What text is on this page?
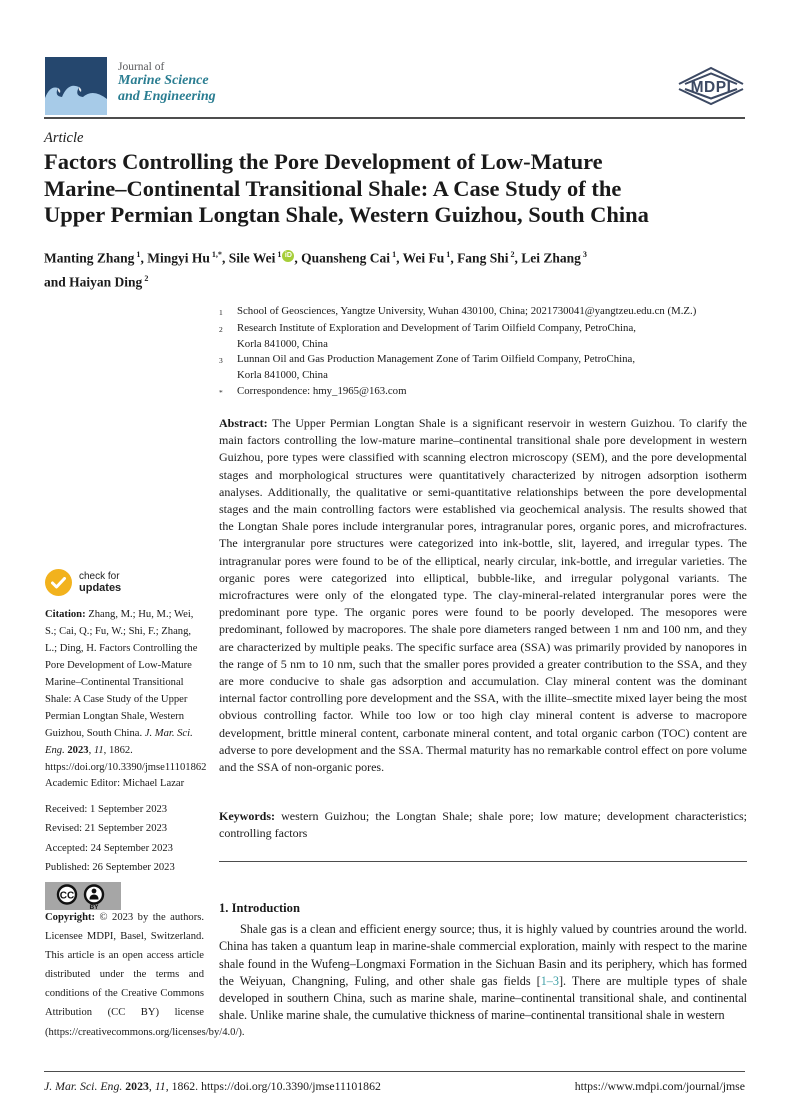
Journal of
Marine Science
and Engineering	MDPI
Article
Factors Controlling the Pore Development of Low-Mature
Marine–Continental Transitional Shale: A Case Study of the
Upper Permian Longtan Shale, Western Guizhou, South China
Manting Zhang $^1$, Mingyi Hu $^{1,*}$, Sile Wei $^1$ iD , Quansheng Cai $^1$, Wei Fu $^1$, Fang Shi $^2$, Lei Zhang $^3$
and Haiyan Ding $^2$
1	School of Geosciences, Yangtze University, Wuhan 430100, China; 2021730041@yangtzeu.edu.cn (M.Z.)
2	Research Institute of Exploration and Development of Tarim Oilfield Company, PetroChina,
Korla 841000, China
3	Lunnan Oil and Gas Production Management Zone of Tarim Oilfield Company, PetroChina,
Korla 841000, China
*	Correspondence: hmy_1965@163.com
Abstract: The Upper Permian Longtan Shale is a significant reservoir in western Guizhou. To clarify the main factors controlling the low-mature marine–continental transitional shale pore development in western Guizhou, pore types were classified with scanning electron microscopy (SEM), and the pore developmental stages and morphological structures were quantitatively characterized by nitrogen adsorption isotherm analyses. Additionally, the qualitative or semi-quantitative relationships between the pore developmental stages and the main controlling factors were established via geochemical analysis. The results showed that the Longtan Shale pores include intergranular pores, intragranular pores, organic pores, and microfractures. The intergranular pore structures were categorized into ink-bottle, slit, layered, and irregular types. The intragranular pores were found to be of the elliptical, nearly circular, ink-bottle, and irregular varieties. The organic pores were categorized into elliptical, bubble-like, and irregular polygonal variants. The microfractures were only of the elongated type. The clay-mineral-related intergranular pores were the predominant pore type. The organic pores were found to be poorly developed. The mesopores were predominant, followed by macropores. The shale pore diameters ranged between 1 nm and 100 nm, and they are characterized by multiple peaks. The specific surface area (SSA) was primarily provided by nanopores in the range of 5 nm to 10 nm, such that the smaller pores provided a greater contribution to the SSA, and they are more conducive to shale gas adsorption and accumulation. Clay mineral content was the dominant internal factor controlling pore development and the SSA, with the illite–smectite mixed layer being the most obvious controlling factor. While too low or too high clay mineral content is adverse to macropore development, brittle mineral content, carbonate mineral content, and total organic carbon (TOC) content are adverse to pore development and the SSA. Thermal maturity has no remarkable control effect on pore volume and the SSA of non-organic pores.
Keywords: western Guizhou; the Longtan Shale; shale pore; low mature; development characteristics; controlling factors
check for
updates
Citation: Zhang, M.; Hu, M.; Wei, S.; Cai, Q.; Fu, W.; Shi, F.; Zhang, L.; Ding, H. Factors Controlling the Pore Development of Low-Mature Marine–Continental Transitional Shale: A Case Study of the Upper Permian Longtan Shale, Western Guizhou, South China. J. Mar. Sci. Eng. 2023, 11, 1862. https://doi.org/10.3390/jmse11101862
Academic Editor: Michael Lazar
Received: 1 September 2023
Revised: 21 September 2023
Accepted: 24 September 2023
Published: 26 September 2023
CC
BY
Copyright: © 2023 by the authors. Licensee MDPI, Basel, Switzerland. This article is an open access article distributed under the terms and conditions of the Creative Commons Attribution (CC BY) license (https://creativecommons.org/licenses/by/4.0/).
1. Introduction
Shale gas is a clean and efficient energy source; thus, it is highly valued by countries around the world. China has taken a quantum leap in marine-shale commercial exploration, mainly with respect to the marine shale found in the Wufeng–Longmaxi Formation in the Sichuan Basin and its periphery, which has formed the Weiyuan, Changning, Fuling, and other shale gas fields [1–3]. There are multiple types of shale developed in southern China, such as marine shale, marine–continental transitional shale, and continental shale. Unlike marine shale, the cumulative thickness of marine–continental transitional shale in western
J. Mar. Sci. Eng. 2023, 11, 1862. https://doi.org/10.3390/jmse11101862	https://www.mdpi.com/journal/jmse
